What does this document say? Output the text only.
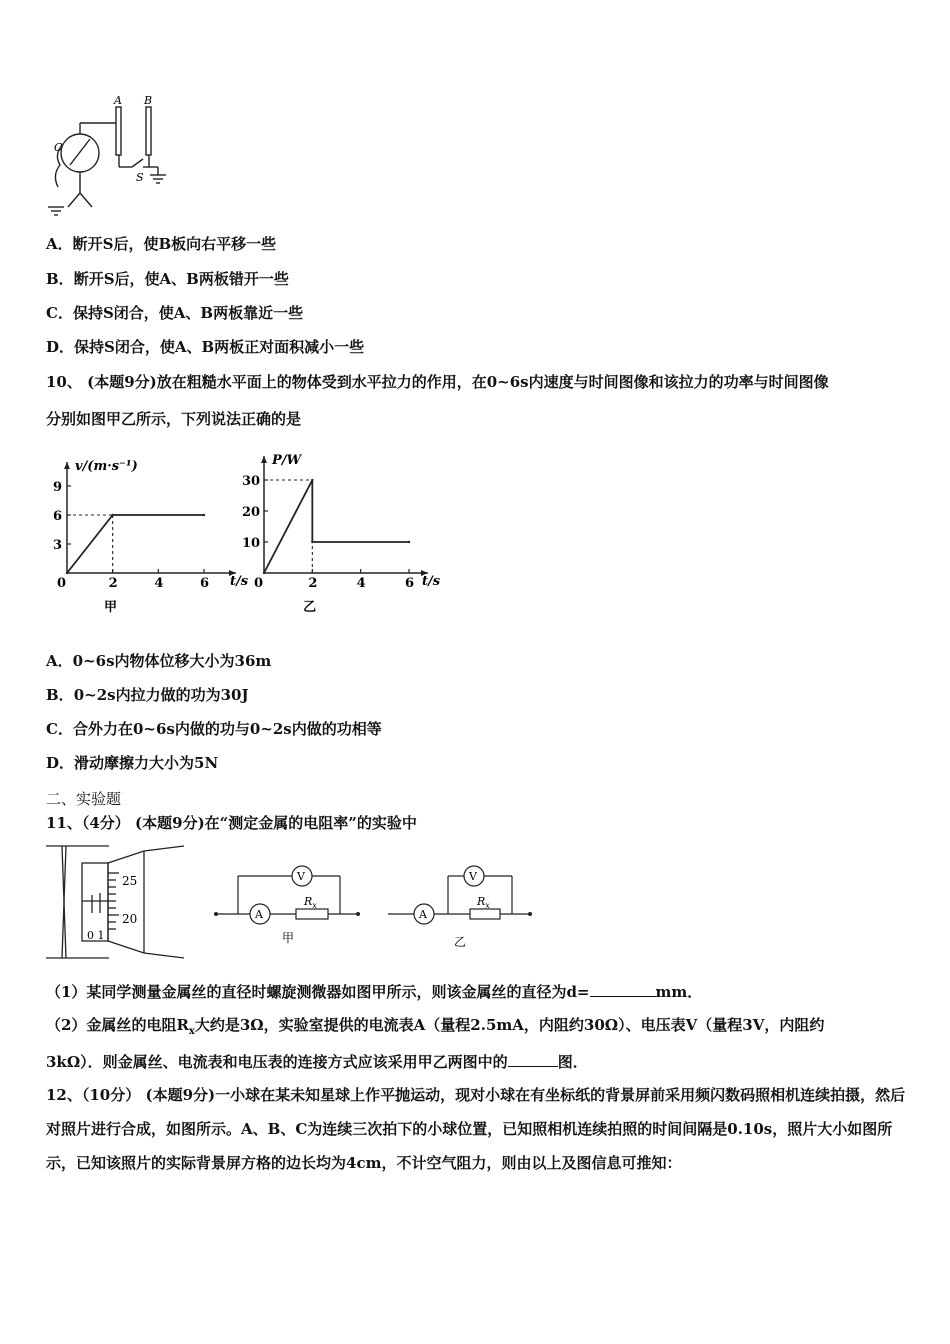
A B
C
S
A．断开S后，使B板向右平移一些
B．断开S后，使A、B两板错开一些
C．保持S闭合，使A、B两板靠近一些
D．保持S闭合，使A、B两板正对面积减小一些
10、 (本题9分)放在粗糙水平面上的物体受到水平拉力的作用，在0~6s内速度与时间图像和该拉力的功率与时间图像
分别如图甲乙所示，下列说法正确的是
0	2	4	6
3
6
9
v/(m·s⁻¹)
t/s
甲
0	2	4	6
10
20
30
P/W
t/s
乙
A．0~6s内物体位移大小为36m
B．0~2s内拉力做的功为30J
C．合外力在0~6s内做的功与0~2s内做的功相等
D．滑动摩擦力大小为5N
二、实验题
11、（4分） (本题9分)在“测定金属的电阻率”的实验中
25
20
0 1
A
V
$R_x$
甲
A
V
$R_x$
乙
（1）某同学测量金属丝的直径时螺旋测微器如图甲所示，则该金属丝的直径为d=	mm．
（2）金属丝的电阻$R_x$大约是3Ω，实验室提供的电流表A（量程2.5mA，内阻约30Ω）、电压表V（量程3V，内阻约
3kΩ）．则金属丝、电流表和电压表的连接方式应该采用甲乙两图中的	图．
12、（10分） (本题9分)一小球在某未知星球上作平抛运动，现对小球在有坐标纸的背景屏前采用频闪数码照相机连续拍摄，然后对照片进行合成，如图所示。A、B、C为连续三次拍下的小球位置，已知照相机连续拍照的时间间隔是0.10s，照片大小如图所示，已知该照片的实际背景屏方格的边长均为4cm，不计空气阻力，则由以上及图信息可推知：
